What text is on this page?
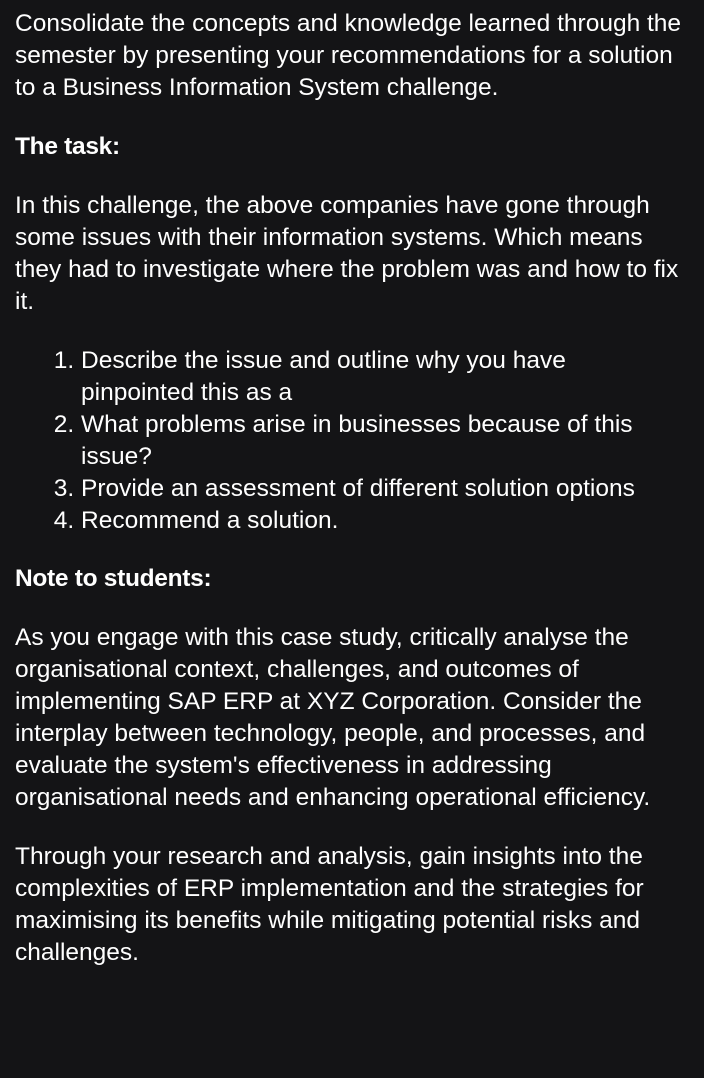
Consolidate the concepts and knowledge learned through the semester by presenting your recommendations for a solution to a Business Information System challenge.

The task:

In this challenge, the above companies have gone through some issues with their information systems. Which means they had to investigate where the problem was and how to fix it.

1. Describe the issue and outline why you have pinpointed this as a
2. What problems arise in businesses because of this issue?
3. Provide an assessment of different solution options
4. Recommend a solution.

Note to students:

As you engage with this case study, critically analyse the organisational context, challenges, and outcomes of implementing SAP ERP at XYZ Corporation. Consider the interplay between technology, people, and processes, and evaluate the system's effectiveness in addressing organisational needs and enhancing operational efficiency.

Through your research and analysis, gain insights into the complexities of ERP implementation and the strategies for maximising its benefits while mitigating potential risks and challenges.
